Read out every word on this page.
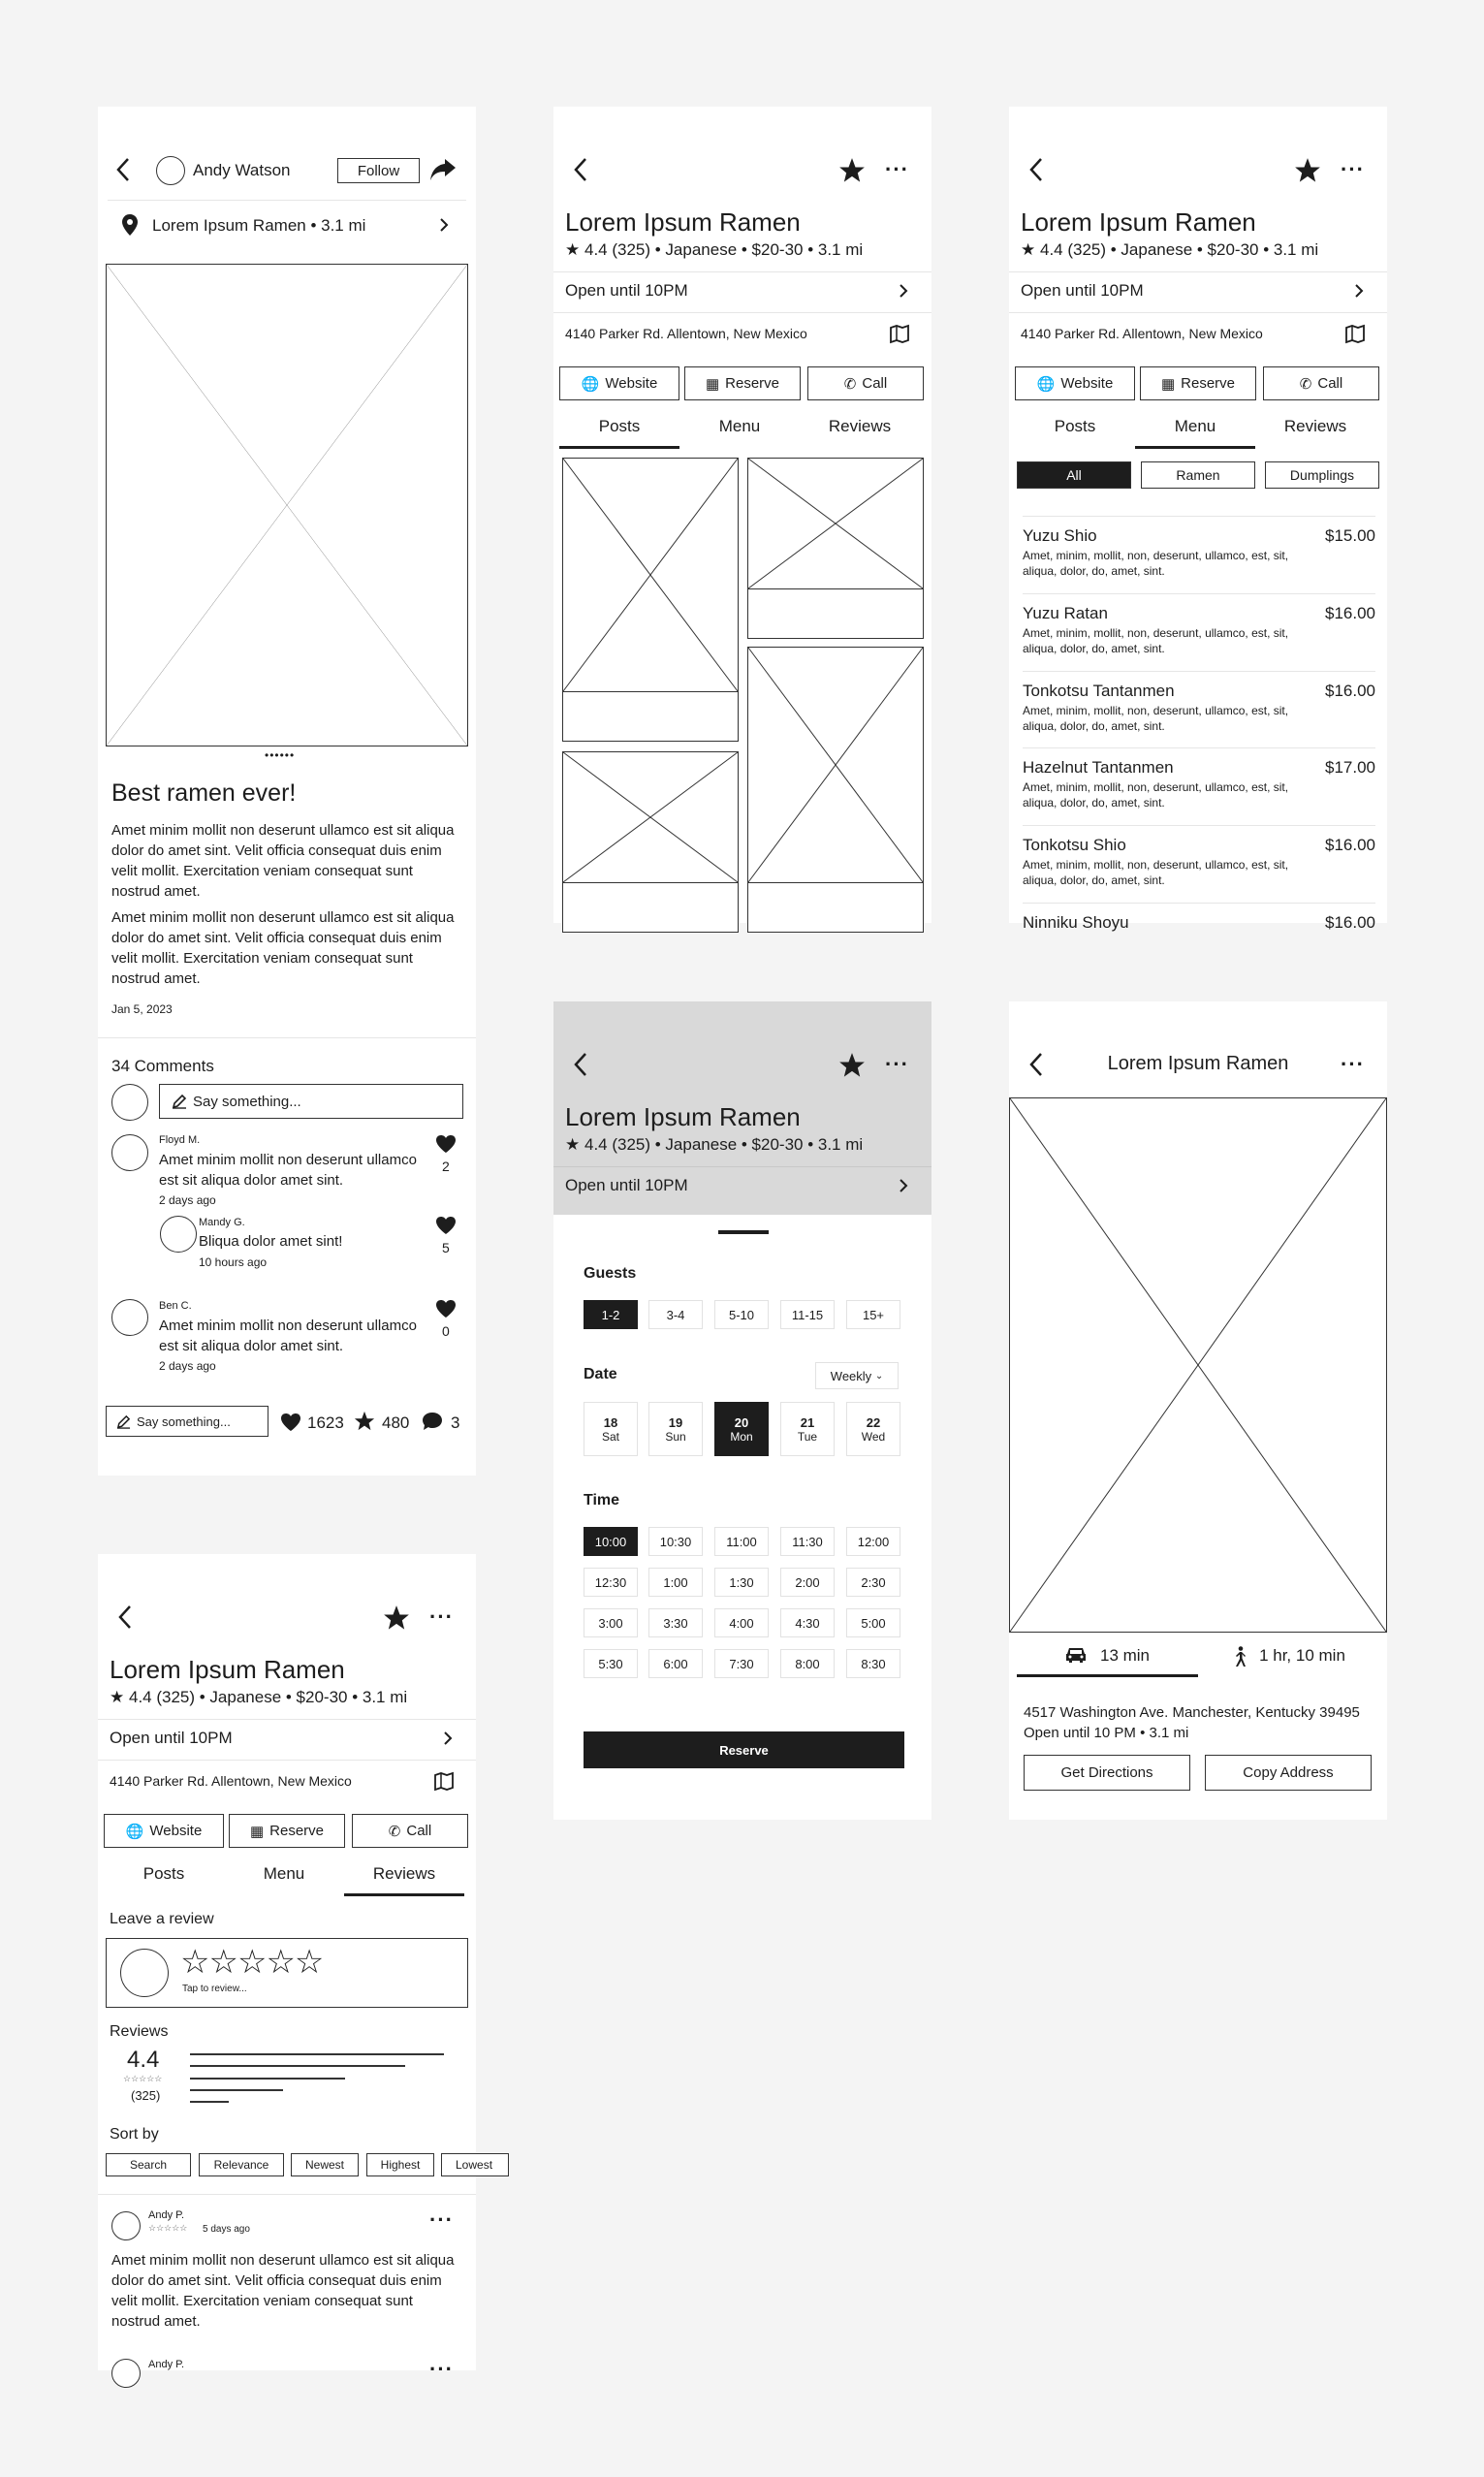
Andy Watson	Follow
Lorem Ipsum Ramen • 3.1 mi
••••••
Best ramen ever!
Amet minim mollit non deserunt ullamco est sit aliqua dolor do amet sint. Velit officia consequat duis enim velit mollit. Exercitation veniam consequat sunt nostrud amet.
Amet minim mollit non deserunt ullamco est sit aliqua dolor do amet sint. Velit officia consequat duis enim velit mollit. Exercitation veniam consequat sunt nostrud amet.
Jan 5, 2023
34 Comments
Say something...
Floyd M.
Amet minim mollit non deserunt ullamco est sit aliqua dolor amet sint.
2 days ago
2
Mandy G.
Bliqua dolor amet sint!
10 hours ago
5
Ben C.
Amet minim mollit non deserunt ullamco est sit aliqua dolor amet sint.
2 days ago
0
Say something...	1623 480	3
···
Lorem Ipsum Ramen
★ 4.4 (325) • Japanese • $20-30 • 3.1 mi
Open until 10PM
4140 Parker Rd. Allentown, New Mexico
🌐 Website	▦ Reserve	✆ Call
Posts	Menu	Reviews
···
Lorem Ipsum Ramen
★ 4.4 (325) • Japanese • $20-30 • 3.1 mi
Open until 10PM
4140 Parker Rd. Allentown, New Mexico
🌐 Website	▦ Reserve	✆ Call
Posts	Menu	Reviews
All	Ramen	Dumplings
Yuzu Shio	$15.00
Amet, minim, mollit, non, deserunt, ullamco, est, sit, aliqua, dolor, do, amet, sint.
Yuzu Ratan	$16.00
Amet, minim, mollit, non, deserunt, ullamco, est, sit, aliqua, dolor, do, amet, sint.
Tonkotsu Tantanmen	$16.00
Amet, minim, mollit, non, deserunt, ullamco, est, sit, aliqua, dolor, do, amet, sint.
Hazelnut Tantanmen	$17.00
Amet, minim, mollit, non, deserunt, ullamco, est, sit, aliqua, dolor, do, amet, sint.
Tonkotsu Shio	$16.00
Amet, minim, mollit, non, deserunt, ullamco, est, sit, aliqua, dolor, do, amet, sint.
Ninniku Shoyu	$16.00
···
Lorem Ipsum Ramen
★ 4.4 (325) • Japanese • $20-30 • 3.1 mi
Open until 10PM
Guests
1-2	3-4	5-10	11-15	15+
Date	Weekly
⌄
18
Sat
19
Sun
20
Mon
21
Tue
22
Wed
Time
10:00	10:30	11:00	11:30	12:00
12:30	1:00	1:30	2:00	2:30
3:00	3:30	4:00	4:30	5:00
5:30	6:00	7:30	8:00	8:30
Reserve
Lorem Ipsum Ramen	···
13 min	1 hr, 10 min
4517 Washington Ave. Manchester, Kentucky 39495
Open until 10 PM • 3.1 mi
Get Directions	Copy Address
···
Lorem Ipsum Ramen
★ 4.4 (325) • Japanese • $20-30 • 3.1 mi
Open until 10PM
4140 Parker Rd. Allentown, New Mexico
🌐 Website	▦ Reserve	✆ Call
Posts	Menu	Reviews
Leave a review
☆☆☆☆☆
Tap to review...
Reviews
4.4
☆☆☆☆☆
(325)
Sort by
Search	Relevance	Newest	Highest	Lowest
Andy P.
☆☆☆☆☆ 5 days ago	···
Amet minim mollit non deserunt ullamco est sit aliqua dolor do amet sint. Velit officia consequat duis enim velit mollit. Exercitation veniam consequat sunt nostrud amet.
Andy P.	···
